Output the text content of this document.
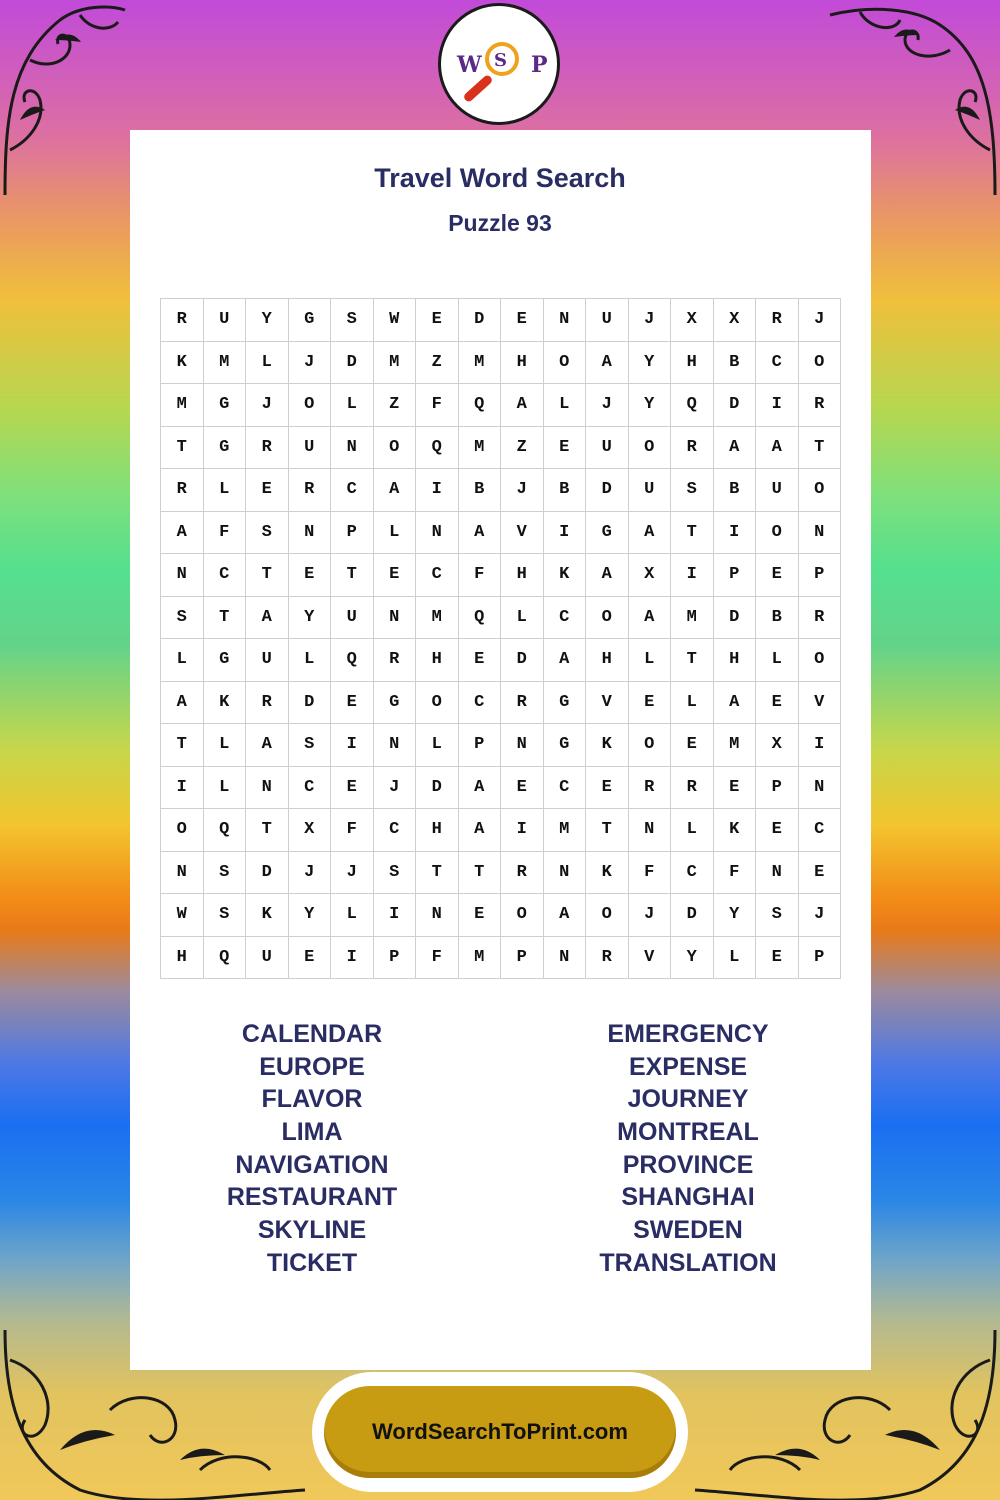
W S P
Travel Word Search
Puzzle 93
R	U	Y	G	S	W	E	D	E	N	U	J	X	X	R	J
K	M	L	J	D	M	Z	M	H	O	A	Y	H	B	C	O
M	G	J	O	L	Z	F	Q	A	L	J	Y	Q	D	I	R
T	G	R	U	N	O	Q	M	Z	E	U	O	R	A	A	T
R	L	E	R	C	A	I	B	J	B	D	U	S	B	U	O
A	F	S	N	P	L	N	A	V	I	G	A	T	I	O	N
N	C	T	E	T	E	C	F	H	K	A	X	I	P	E	P
S	T	A	Y	U	N	M	Q	L	C	O	A	M	D	B	R
L	G	U	L	Q	R	H	E	D	A	H	L	T	H	L	O
A	K	R	D	E	G	O	C	R	G	V	E	L	A	E	V
T	L	A	S	I	N	L	P	N	G	K	O	E	M	X	I
I	L	N	C	E	J	D	A	E	C	E	R	R	E	P	N
O	Q	T	X	F	C	H	A	I	M	T	N	L	K	E	C
N	S	D	J	J	S	T	T	R	N	K	F	C	F	N	E
W	S	K	Y	L	I	N	E	O	A	O	J	D	Y	S	J
H	Q	U	E	I	P	F	M	P	N	R	V	Y	L	E	P
CALENDAR
EUROPE
FLAVOR
LIMA
NAVIGATION
RESTAURANT
SKYLINE
TICKET
EMERGENCY
EXPENSE
JOURNEY
MONTREAL
PROVINCE
SHANGHAI
SWEDEN
TRANSLATION
WordSearchToPrint.com
